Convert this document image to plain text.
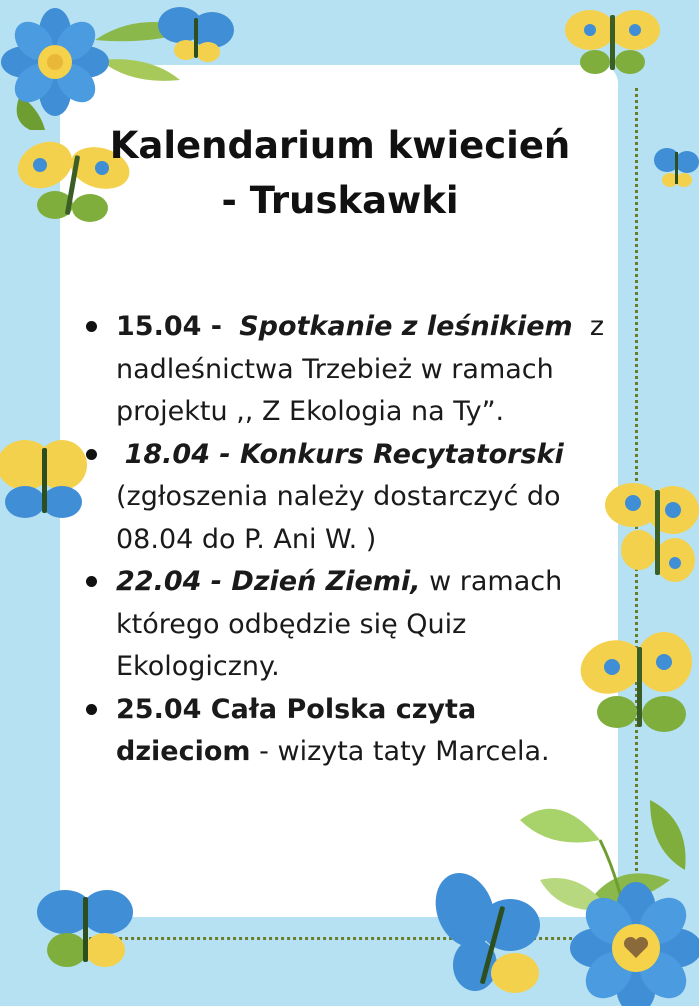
Kalendarium kwiecień
- Truskawki
15.04 - Spotkanie z leśnikiem z
nadleśnictwa Trzebież w ramach
projektu ,, Z Ekologia na Ty”.
18.04 - Konkurs Recytatorski
(zgłoszenia należy dostarczyć do
08.04 do P. Ani W. )
22.04 - Dzień Ziemi, w ramach
którego odbędzie się Quiz
Ekologiczny.
25.04 Cała Polska czyta
dzieciom - wizyta taty Marcela.
